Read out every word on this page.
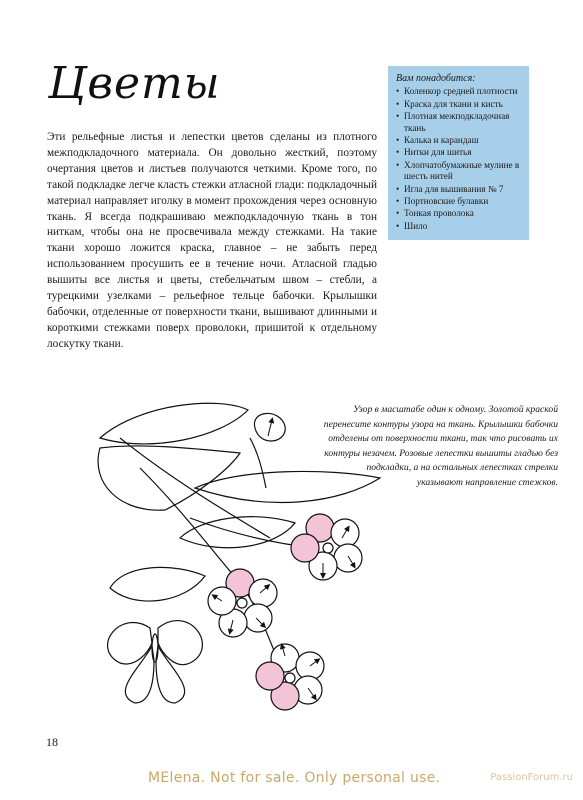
Цветы

Эти рельефные листья и лепестки цветов сделаны из плотного межподкладочного материала. Он довольно жесткий, поэтому очертания цветов и листьев получаются четкими. Кроме того, по такой подкладке легче класть стежки атласной глади: подкладочный материал направляет иголку в момент прохождения через основную ткань. Я всегда подкрашиваю межподкладочную ткань в тон ниткам, чтобы она не просвечивала между стежками. На такие ткани хорошо ложится краска, главное – не забыть перед использованием просушить ее в течение ночи. Атласной гладью вышиты все листья и цветы, стебельчатым швом – стебли, а турецкими узелками – рельефное тельце бабочки. Крылышки бабочки, отделенные от поверхности ткани, вышивают длинными и короткими стежками поверх проволоки, пришитой к отдельному лоскутку ткани.

Вам понадобится:
• Коленкор средней плотности
• Краска для ткани и кисть
• Плотная межподкладочная ткань
• Калька и карандаш
• Нитки для шитья
• Хлопчатобумажные мулине в шесть нитей
• Игла для вышивания № 7
• Портновские булавки
• Тонкая проволока
• Шило

Узор в масштабе один к одному. Золотой краской перенесите контуры узора на ткань. Крылышки бабочки отделены от поверхности ткани, так что рисовать их контуры незачем. Розовые лепестки вышиты гладью без подкладки, а на остальных лепестках стрелки указывают направление стежков.

18
MElena. Not for sale. Only personal use.	PassionForum.ru
